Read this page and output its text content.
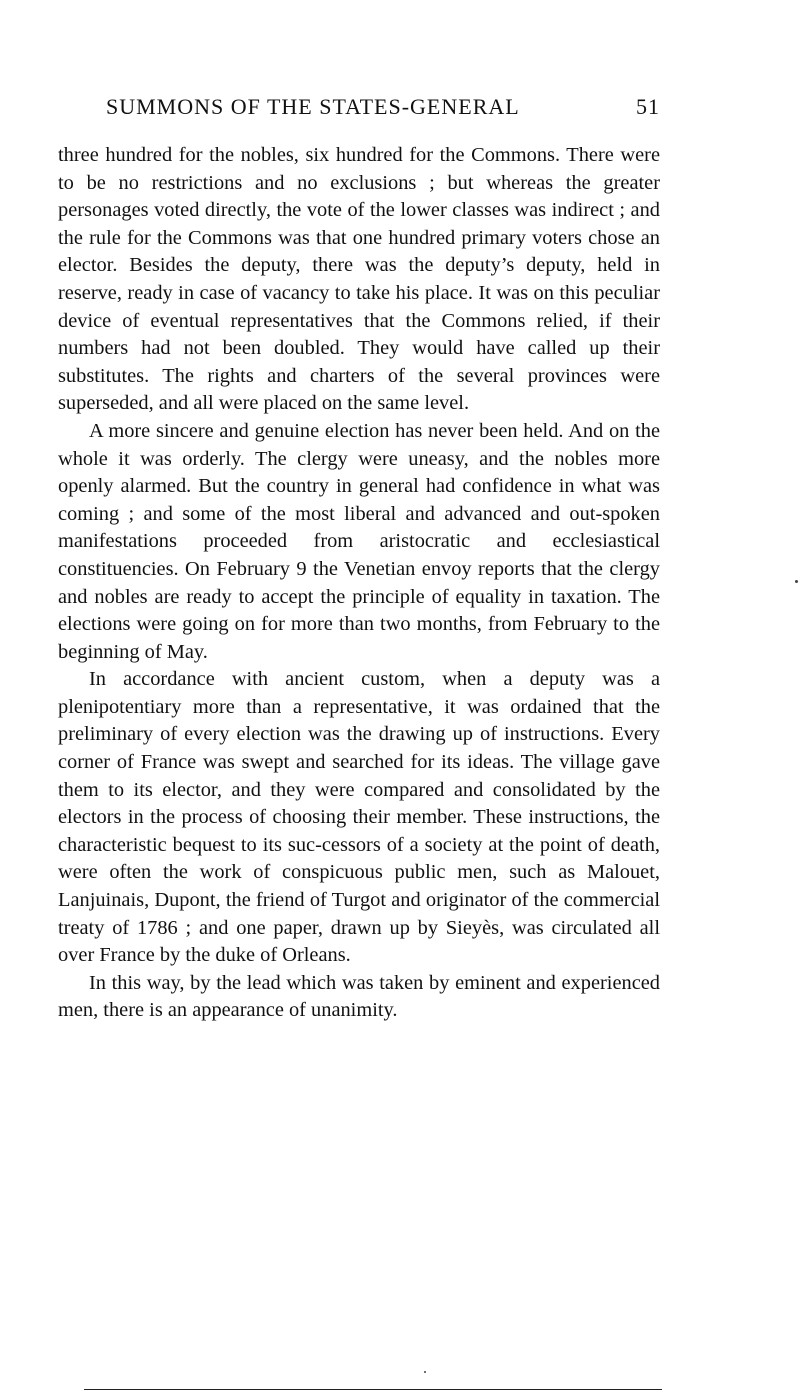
SUMMONS OF THE STATES-GENERAL	51

three hundred for the nobles, six hundred for the Commons. There were to be no restrictions and no exclusions ; but whereas the greater personages voted directly, the vote of the lower classes was indirect ; and the rule for the Commons was that one hundred primary voters chose an elector. Besides the deputy, there was the deputy’s deputy, held in reserve, ready in case of vacancy to take his place. It was on this peculiar device of eventual representatives that the Commons relied, if their numbers had not been doubled. They would have called up their substitutes. The rights and charters of the several provinces were superseded, and all were placed on the same level.

A more sincere and genuine election has never been held. And on the whole it was orderly. The clergy were uneasy, and the nobles more openly alarmed. But the country in general had confidence in what was coming ; and some of the most liberal and advanced and out-spoken manifestations proceeded from aristocratic and ecclesiastical constituencies. On February 9 the Venetian envoy reports that the clergy and nobles are ready to accept the principle of equality in taxation. The elections were going on for more than two months, from February to the beginning of May.

In accordance with ancient custom, when a deputy was a plenipotentiary more than a representative, it was ordained that the preliminary of every election was the drawing up of instructions. Every corner of France was swept and searched for its ideas. The village gave them to its elector, and they were compared and consolidated by the electors in the process of choosing their member. These instructions, the characteristic bequest to its suc-cessors of a society at the point of death, were often the work of conspicuous public men, such as Malouet, Lanjuinais, Dupont, the friend of Turgot and originator of the commercial treaty of 1786 ; and one paper, drawn up by Sieyès, was circulated all over France by the duke of Orleans.

In this way, by the lead which was taken by eminent and experienced men, there is an appearance of unanimity.
